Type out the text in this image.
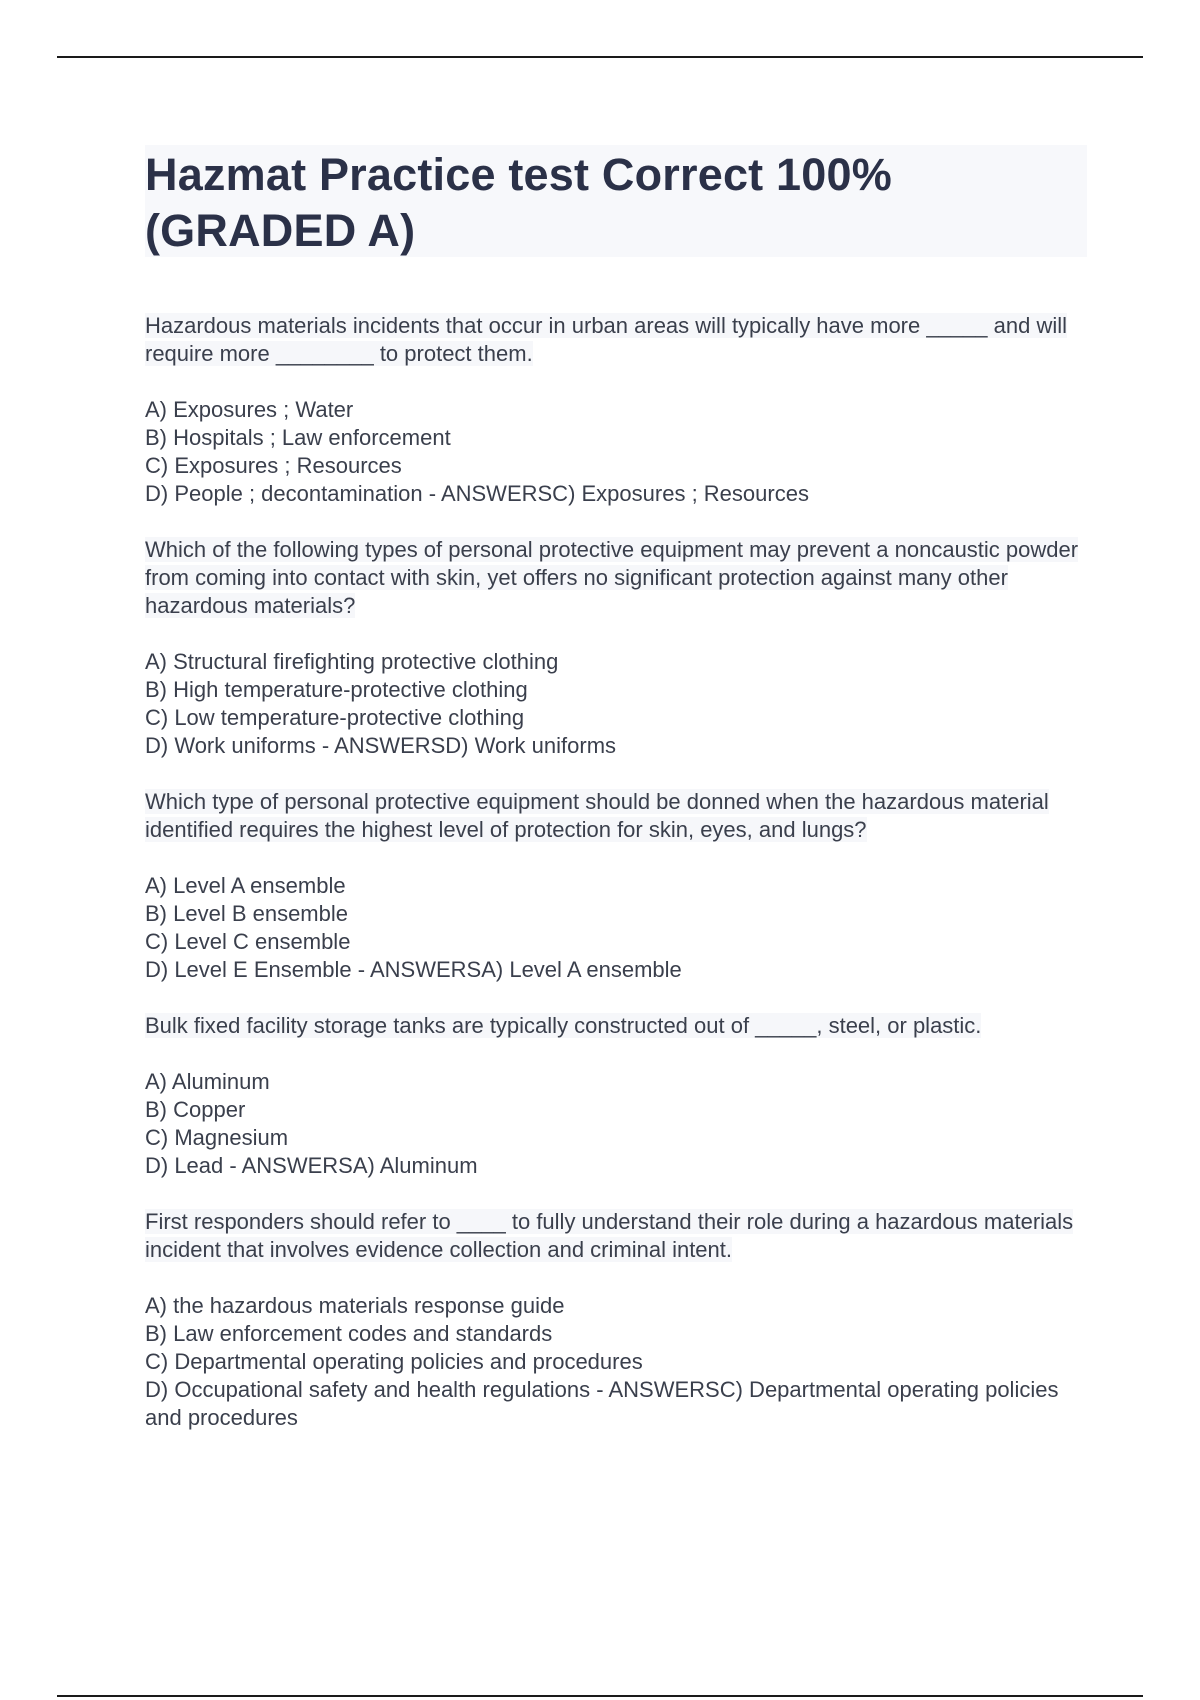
Hazmat Practice test Correct 100% (GRADED A)

Hazardous materials incidents that occur in urban areas will typically have more _____ and will require more ________ to protect them.

A) Exposures ; Water
B) Hospitals ; Law enforcement
C) Exposures ; Resources
D) People ; decontamination - ANSWERSC) Exposures ; Resources

Which of the following types of personal protective equipment may prevent a noncaustic powder from coming into contact with skin, yet offers no significant protection against many other hazardous materials?

A) Structural firefighting protective clothing
B) High temperature-protective clothing
C) Low temperature-protective clothing
D) Work uniforms - ANSWERSD) Work uniforms

Which type of personal protective equipment should be donned when the hazardous material identified requires the highest level of protection for skin, eyes, and lungs?

A) Level A ensemble
B) Level B ensemble
C) Level C ensemble
D) Level E Ensemble - ANSWERSA) Level A ensemble

Bulk fixed facility storage tanks are typically constructed out of _____, steel, or plastic.

A) Aluminum
B) Copper
C) Magnesium
D) Lead - ANSWERSA) Aluminum

First responders should refer to ____ to fully understand their role during a hazardous materials incident that involves evidence collection and criminal intent.

A) the hazardous materials response guide
B) Law enforcement codes and standards
C) Departmental operating policies and procedures
D) Occupational safety and health regulations - ANSWERSC) Departmental operating policies and procedures
